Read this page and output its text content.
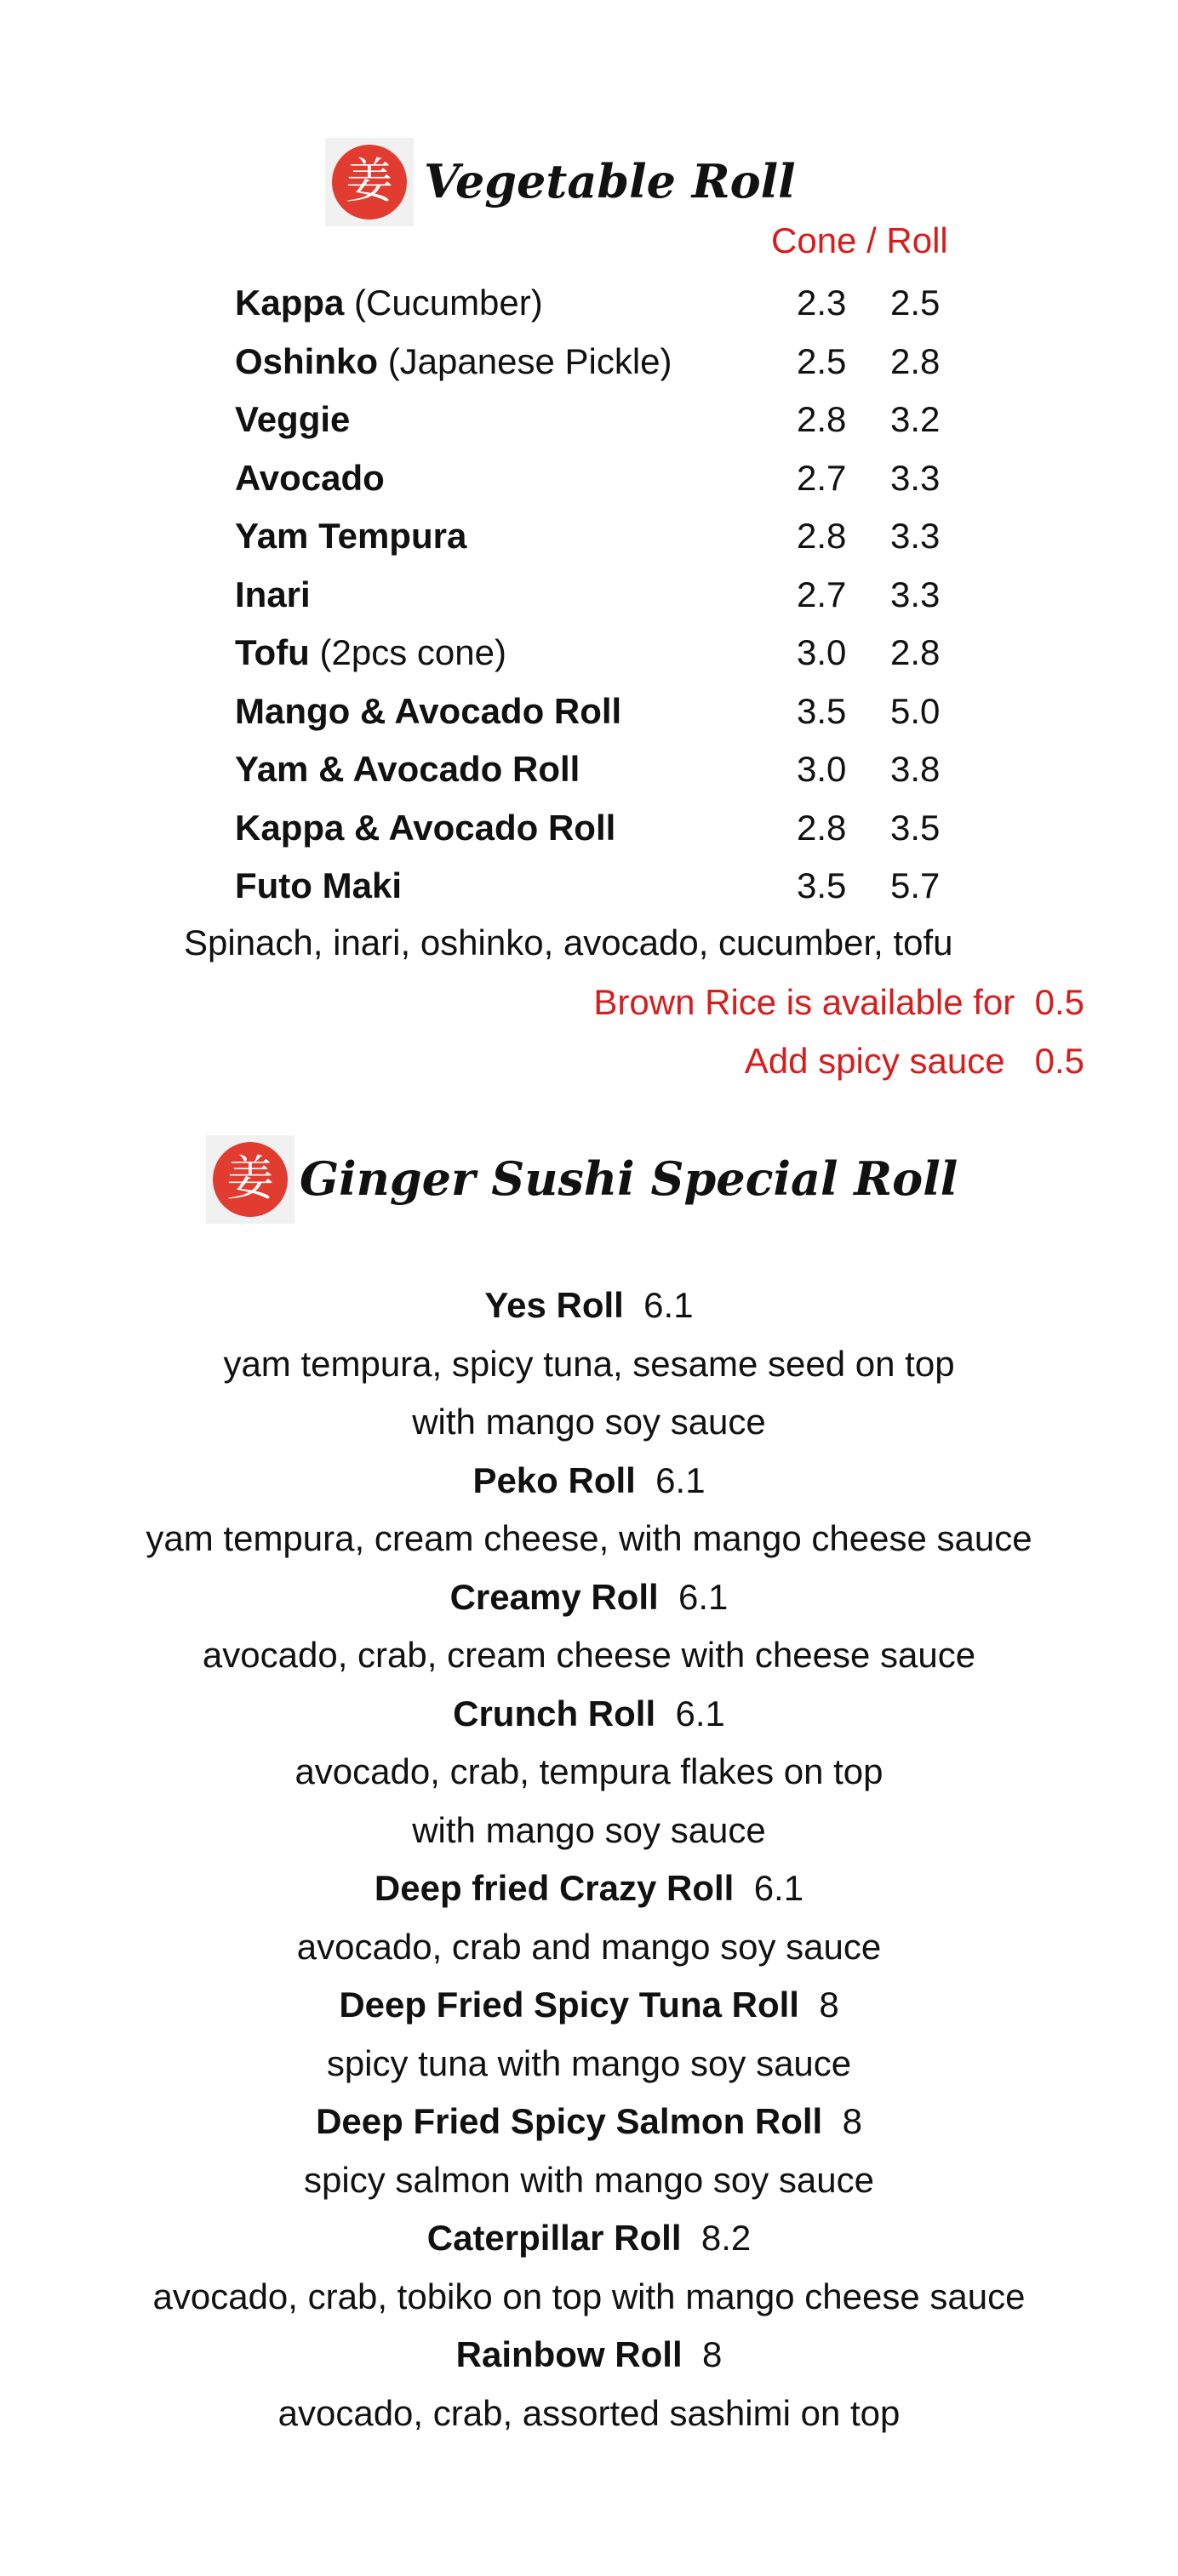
姜 Vegetable Roll
Cone / Roll
Kappa (Cucumber)	2.3 2.5
Oshinko (Japanese Pickle)	2.5 2.8
Veggie	2.8 3.2
Avocado	2.7 3.3
Yam Tempura	2.8 3.3
Inari	2.7 3.3
Tofu (2pcs cone)	3.0 2.8
Mango & Avocado Roll	3.5 5.0
Yam & Avocado Roll	3.0 3.8
Kappa & Avocado Roll	2.8 3.5
Futo Maki	3.5 5.7
Spinach, inari, oshinko, avocado, cucumber, tofu
Brown Rice is available for 0.5
Add spicy sauce 0.5
姜 Ginger Sushi Special Roll
Yes Roll 6.1
yam tempura, spicy tuna, sesame seed on top
with mango soy sauce
Peko Roll 6.1
yam tempura, cream cheese, with mango cheese sauce
Creamy Roll 6.1
avocado, crab, cream cheese with cheese sauce
Crunch Roll 6.1
avocado, crab, tempura flakes on top
with mango soy sauce
Deep fried Crazy Roll 6.1
avocado, crab and mango soy sauce
Deep Fried Spicy Tuna Roll 8
spicy tuna with mango soy sauce
Deep Fried Spicy Salmon Roll 8
spicy salmon with mango soy sauce
Caterpillar Roll 8.2
avocado, crab, tobiko on top with mango cheese sauce
Rainbow Roll 8
avocado, crab, assorted sashimi on top
